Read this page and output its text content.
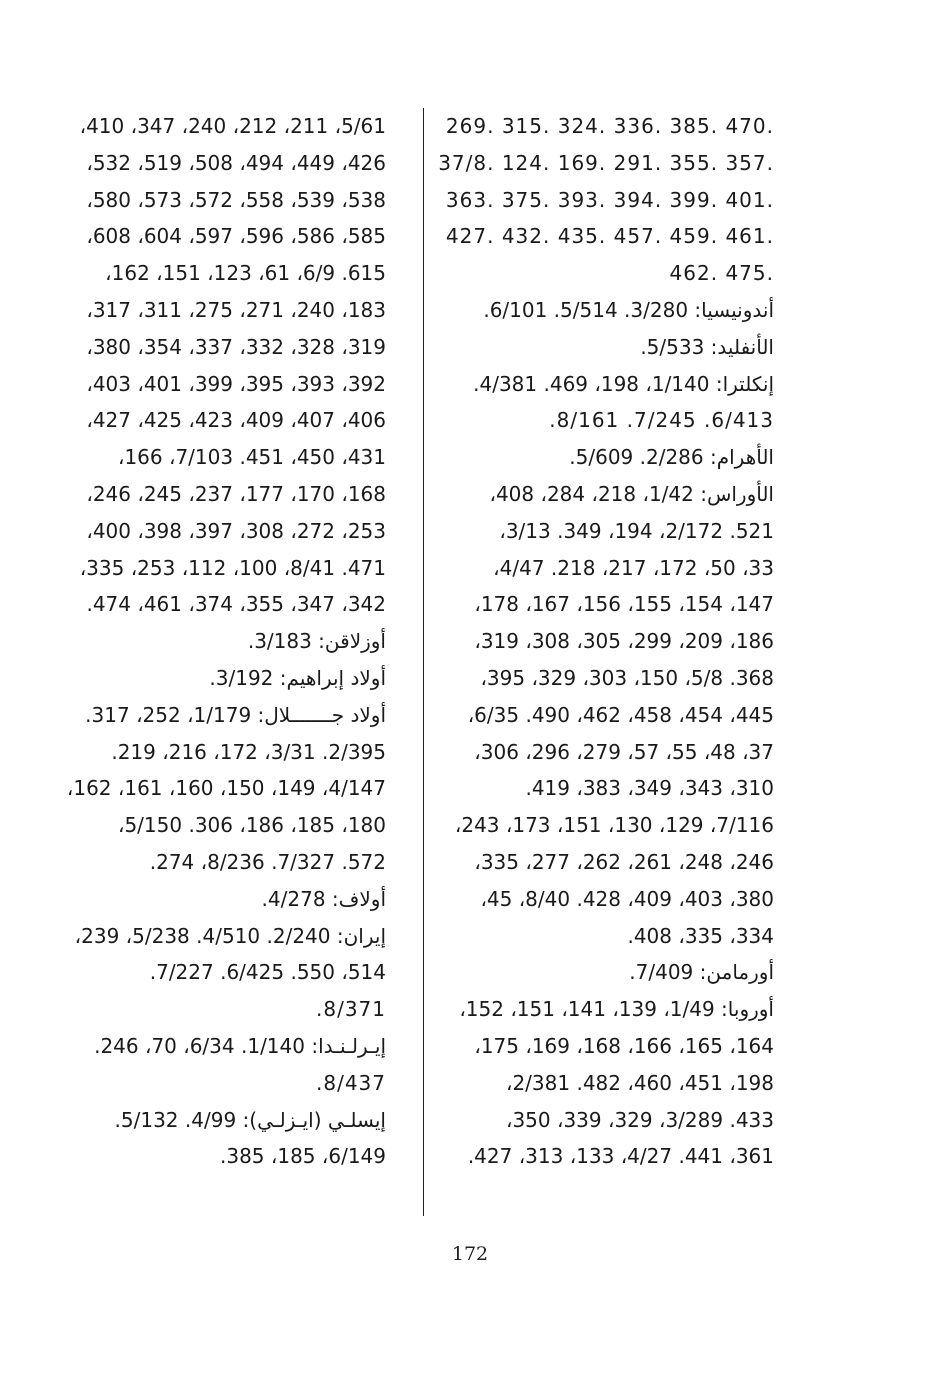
.470 .385 .336 .324 .315 .269
.357 .355 .291 .169 .124 .37/8
.401 .399 .394 .393 .375 .363
.461 .459 .457 .435 .432 .427
.475 .462
أندونيسيا: 3/280. 5/514. 6/101.
الأنفليد: 5/533.
إنكلترا: 1/140، 198، 469. 4/381.
6/413. 7/245. 8/161.
الأهرام: 2/286. 5/609.
الأوراس: 1/42، 218، 284، 408،
521. 2/172، 194، 349. 3/13،
33، 50، 172، 217، 218. 4/47،
147، 154، 155، 156، 167، 178،
186، 209، 299، 305، 308، 319،
368. 5/8، 150، 303، 329، 395،
445، 454، 458، 462، 490. 6/35،
37، 48، 55، 57، 279، 296، 306،
310، 343، 349، 383، 419.
7/116، 129، 130، 151، 173، 243،
246، 248، 261، 262، 277، 335،
380، 403، 409، 428. 8/40، 45،
334، 335، 408.
أورمامن: 7/409.
أوروبا: 1/49، 139، 141، 151، 152،
164، 165، 166، 168، 169، 175،
198، 451، 460، 482. 2/381،
433. 3/289، 329، 339، 350،
361، 441. 4/27، 133، 313، 427.
5/61، 211، 212، 240، 347، 410،
426، 449، 494، 508، 519، 532،
538، 539، 558، 572، 573، 580،
585، 586، 596، 597، 604، 608،
615. 6/9، 61، 123، 151، 162،
183، 240، 271، 275، 311، 317،
319، 328، 332، 337، 354، 380،
392، 393، 395، 399، 401، 403،
406، 407، 409، 423، 425، 427،
431، 450، 451. 7/103، 166،
168، 170، 177، 237، 245، 246،
253، 272، 308، 397، 398، 400،
471. 8/41، 100، 112، 253، 335،
342، 347، 355، 374، 461، 474.
أوزلاقن: 3/183.
أولاد إبراهيم: 3/192.
أولاد جـــــــلال: 1/179، 252، 317.
2/395. 3/31، 172، 216، 219.
4/147، 149، 150، 160، 161، 162،
180، 185، 186، 306. 5/150،
572. 7/327. 8/236، 274.
أولاف: 4/278.
إيران: 2/240. 4/510. 5/238، 239،
514، 550. 6/425. 7/227.
8/371.
إيـرلـنـدا: 1/140. 6/34، 70، 246.
8/437.
إيسلـي (ايـزلـي): 4/99. 5/132.
6/149، 185، 385.
172
